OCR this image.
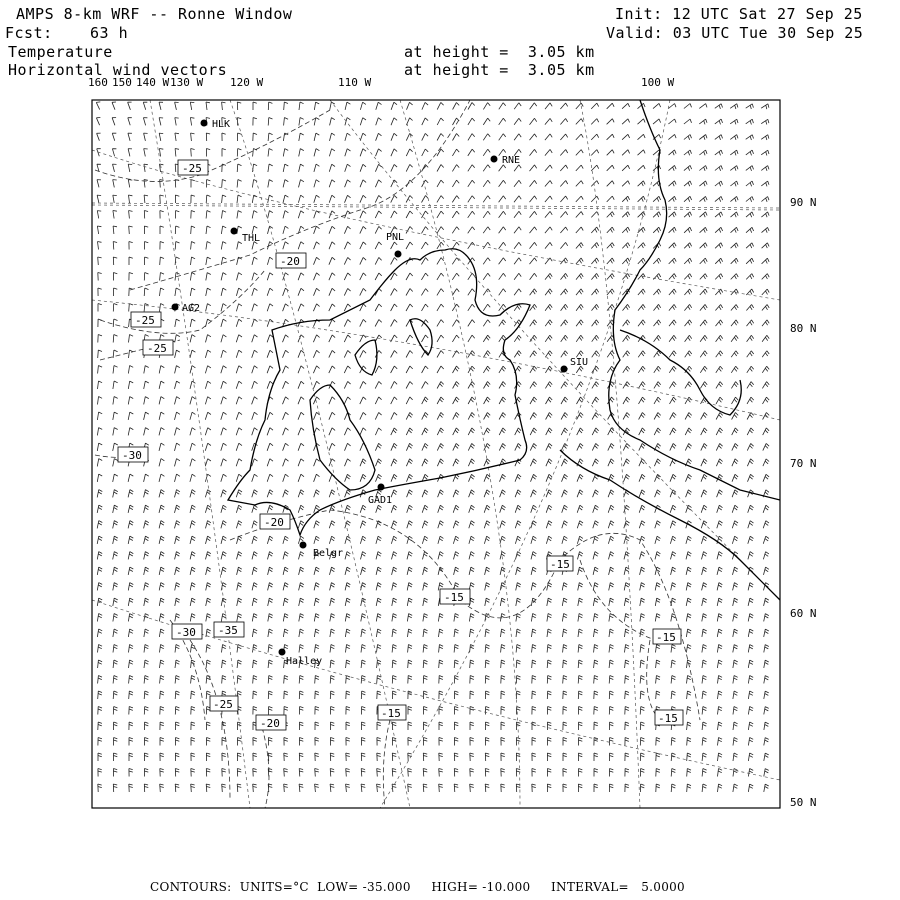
AMPS 8-km WRF -- Ronne Window
Fcst: 63 h
Temperature
Horizontal wind vectors
at height =  3.05 km
at height =  3.05 km
Init: 12 UTC Sat 27 Sep 25
Valid: 03 UTC Tue 30 Sep 25
160 150 140 W 130 W 120 W	110 W	100 W
90 N
80 N
70 N
60 N
50 N
HLK
RNE
THL	PNL
AG2
SIU
GAD1
Belgr
Halley
-25
-20
-25
-25
-30
-20
-15
-15
-30 -35
-15
-25
-15
-20	-15
CONTOURS:  UNITS=°C  LOW= -35.000     HIGH= -10.000     INTERVAL=   5.0000
